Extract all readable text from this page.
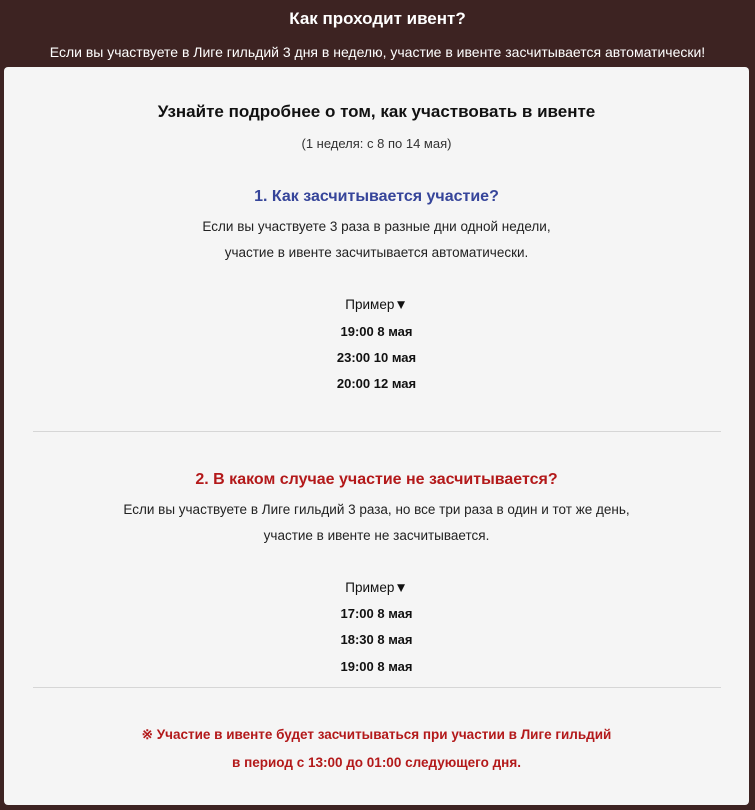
Как проходит ивент?
Если вы участвуете в Лиге гильдий 3 дня в неделю, участие в ивенте засчитывается автоматически!
Узнайте подробнее о том, как участвовать в ивенте
(1 неделя: с 8 по 14 мая)
1. Как засчитывается участие?
Если вы участвуете 3 раза в разные дни одной недели,
участие в ивенте засчитывается автоматически.
Пример▼
19:00 8 мая
23:00 10 мая
20:00 12 мая
2. В каком случае участие не засчитывается?
Если вы участвуете в Лиге гильдий 3 раза, но все три раза в один и тот же день,
участие в ивенте не засчитывается.
Пример▼
17:00 8 мая
18:30 8 мая
19:00 8 мая
※ Участие в ивенте будет засчитываться при участии в Лиге гильдий
в период с 13:00 до 01:00 следующего дня.
